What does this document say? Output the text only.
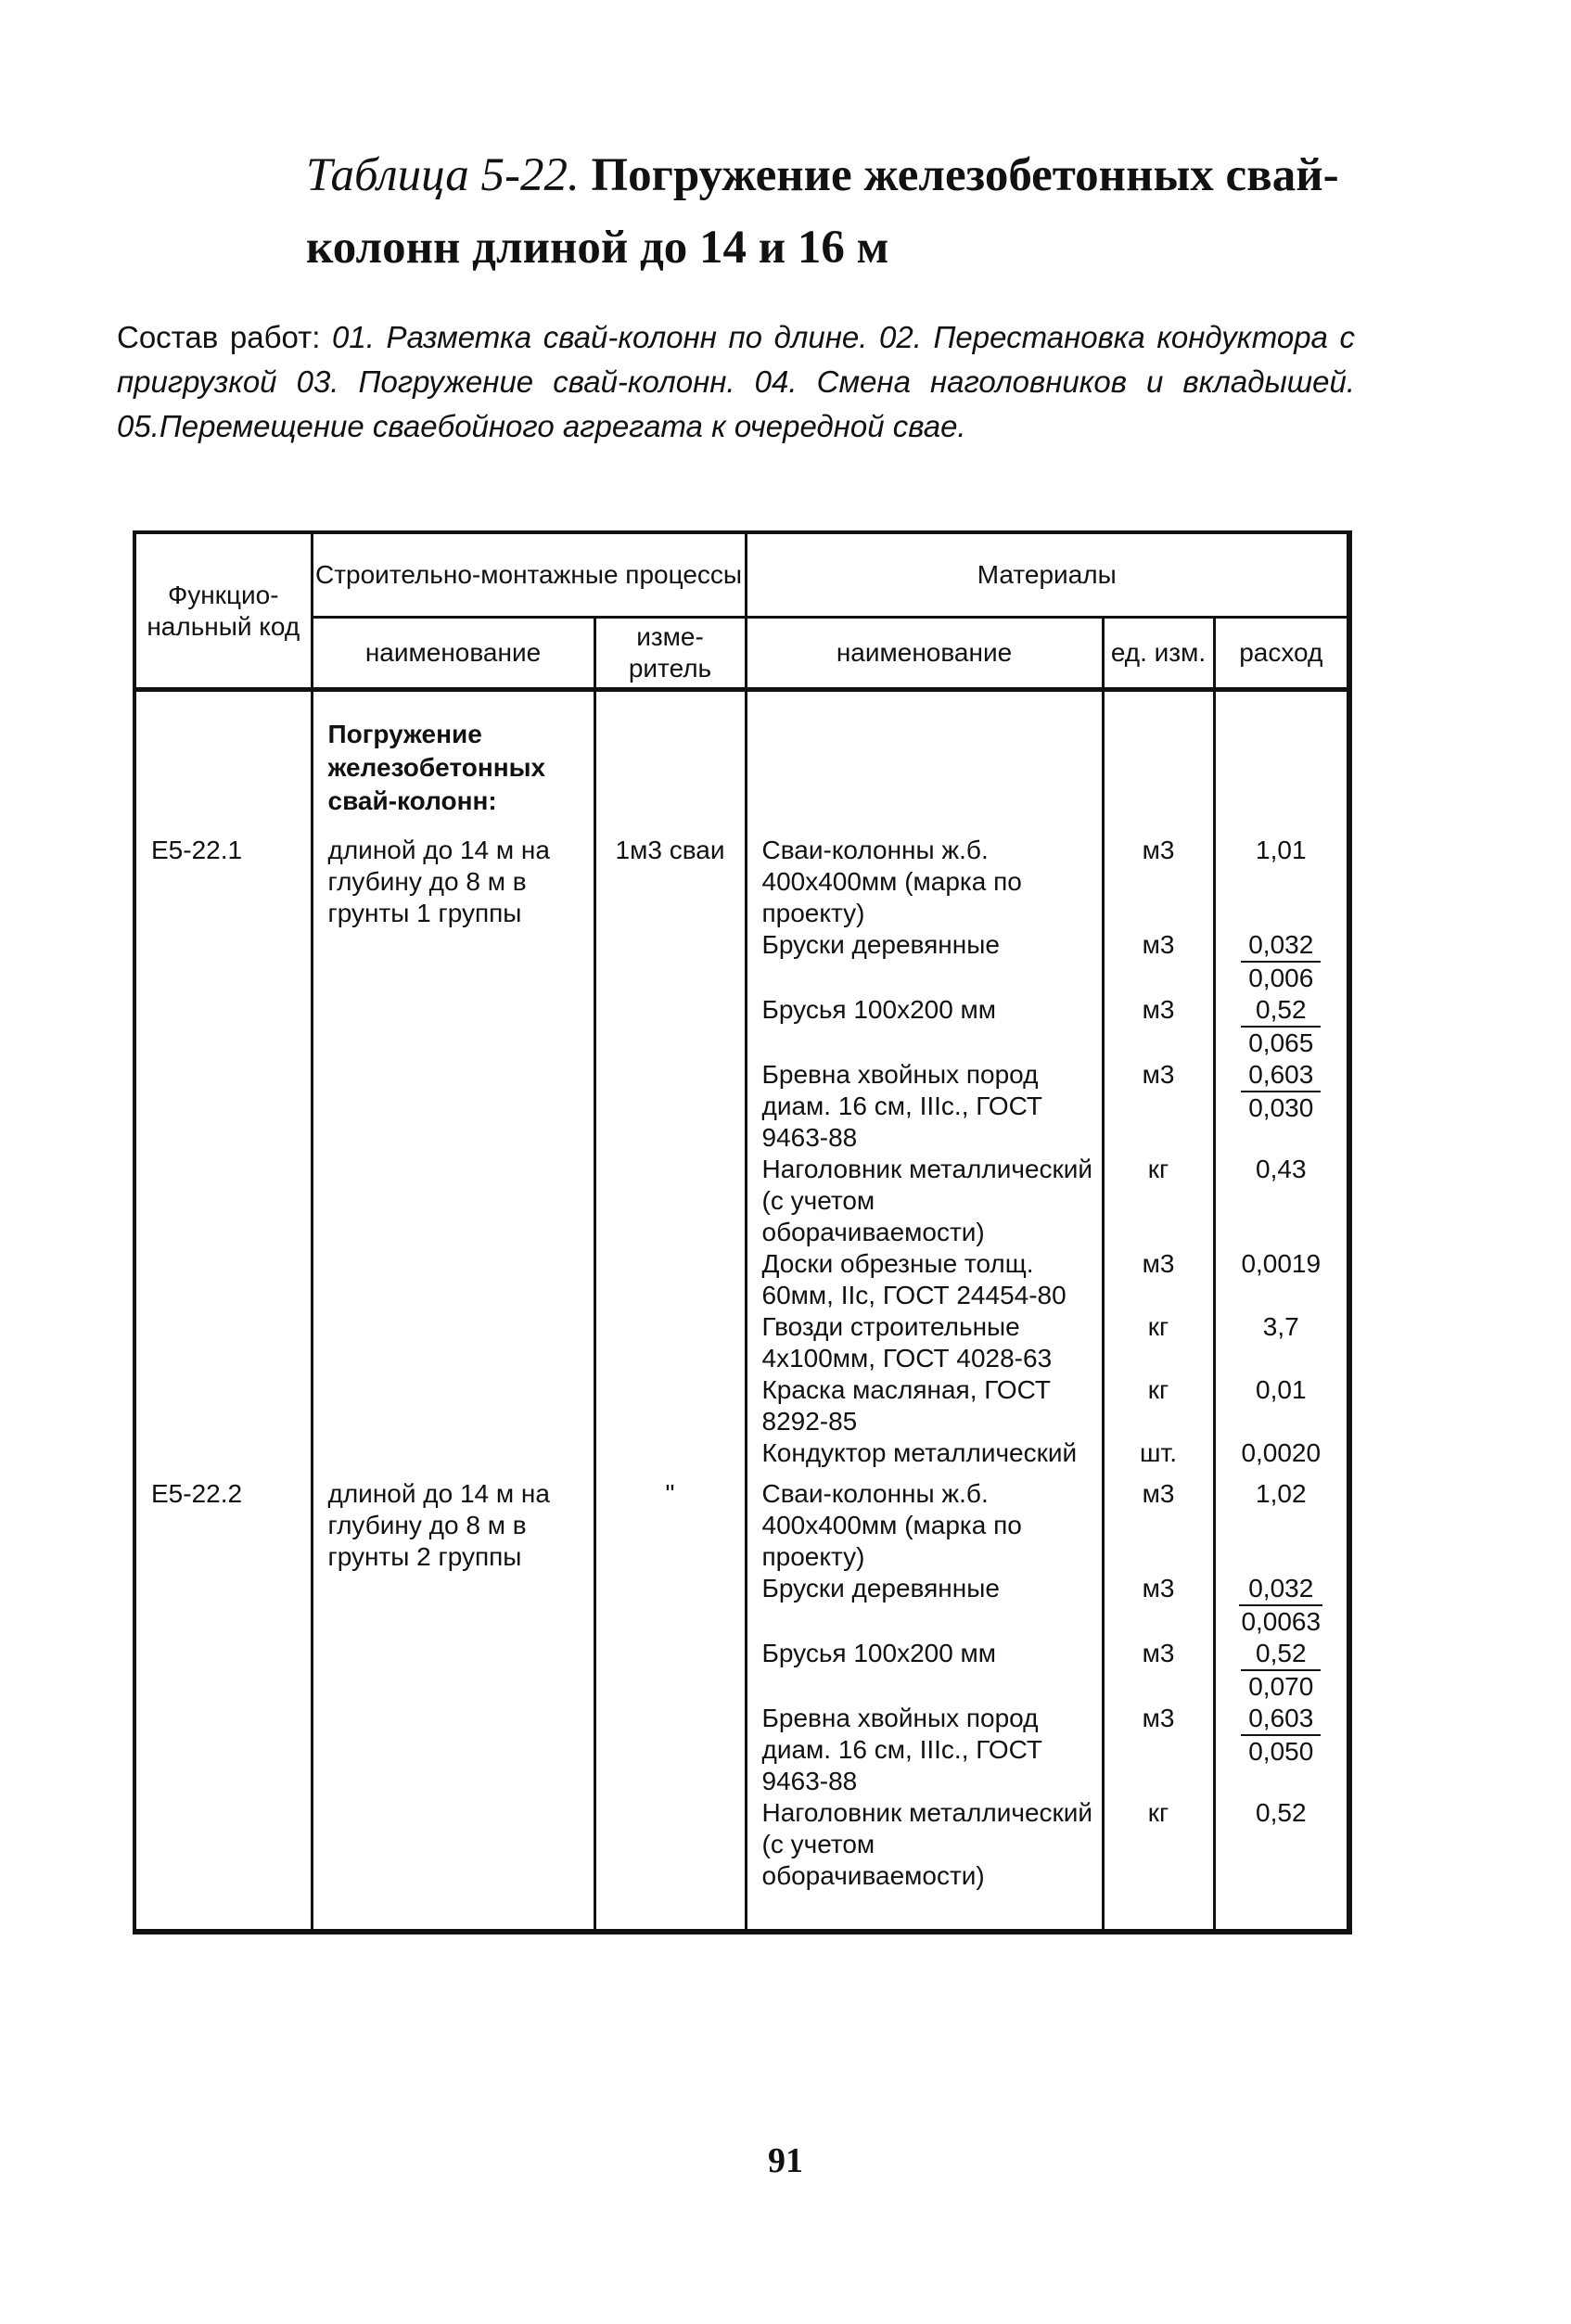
Таблица 5-22. Погружение железобетонных свай-
колонн длиной до 14 и 16 м

Состав работ: 01. Разметка свай-колонн по длине. 02. Перестановка кондуктора с пригрузкой 03. Погружение свай-колонн. 04. Смена наголовников и вкладышей. 05.Перемещение сваебойного агрегата к очередной свае.

Функцио-нальный код	Строительно-монтажные процессы		Материалы		
	наименование	изме-ритель	наименование	ед. изм.	расход
	Погружение железобетонных свай-колонн:				
Е5-22.1	длиной до 14 м на глубину до 8 м в грунты 1 группы	1м3 сваи	Сваи-колонны ж.б. 400х400мм (марка по проекту)	м3	1,01

			Бруски деревянные	м3	$\frac{0,032}{0,006}$

			Брусья 100х200 мм	м3	$\frac{0,52}{0,065}$

			Бревна хвойных пород диам. 16 см, IIIс., ГОСТ 9463-88	м3	$\frac{0,603}{0,030}$

			Наголовник металлический (с учетом оборачиваемости)	кг	0,43

			Доски обрезные толщ. 60мм, IIс, ГОСТ 24454-80	м3	0,0019

			Гвозди строительные 4х100мм, ГОСТ 4028-63	кг	3,7

			Краска масляная, ГОСТ 8292-85	кг	0,01

			Кондуктор металлический	шт.	0,0020

Е5-22.2	длиной до 14 м на глубину до 8 м в грунты 2 группы	"	Сваи-колонны ж.б. 400х400мм (марка по проекту)	м3	1,02

			Бруски деревянные	м3	$\frac{0,032}{0,0063}$

			Брусья 100х200 мм	м3	$\frac{0,52}{0,070}$

			Бревна хвойных пород диам. 16 см, IIIс., ГОСТ 9463-88	м3	$\frac{0,603}{0,050}$

			Наголовник металлический (с учетом оборачиваемости)	кг	0,52

91
